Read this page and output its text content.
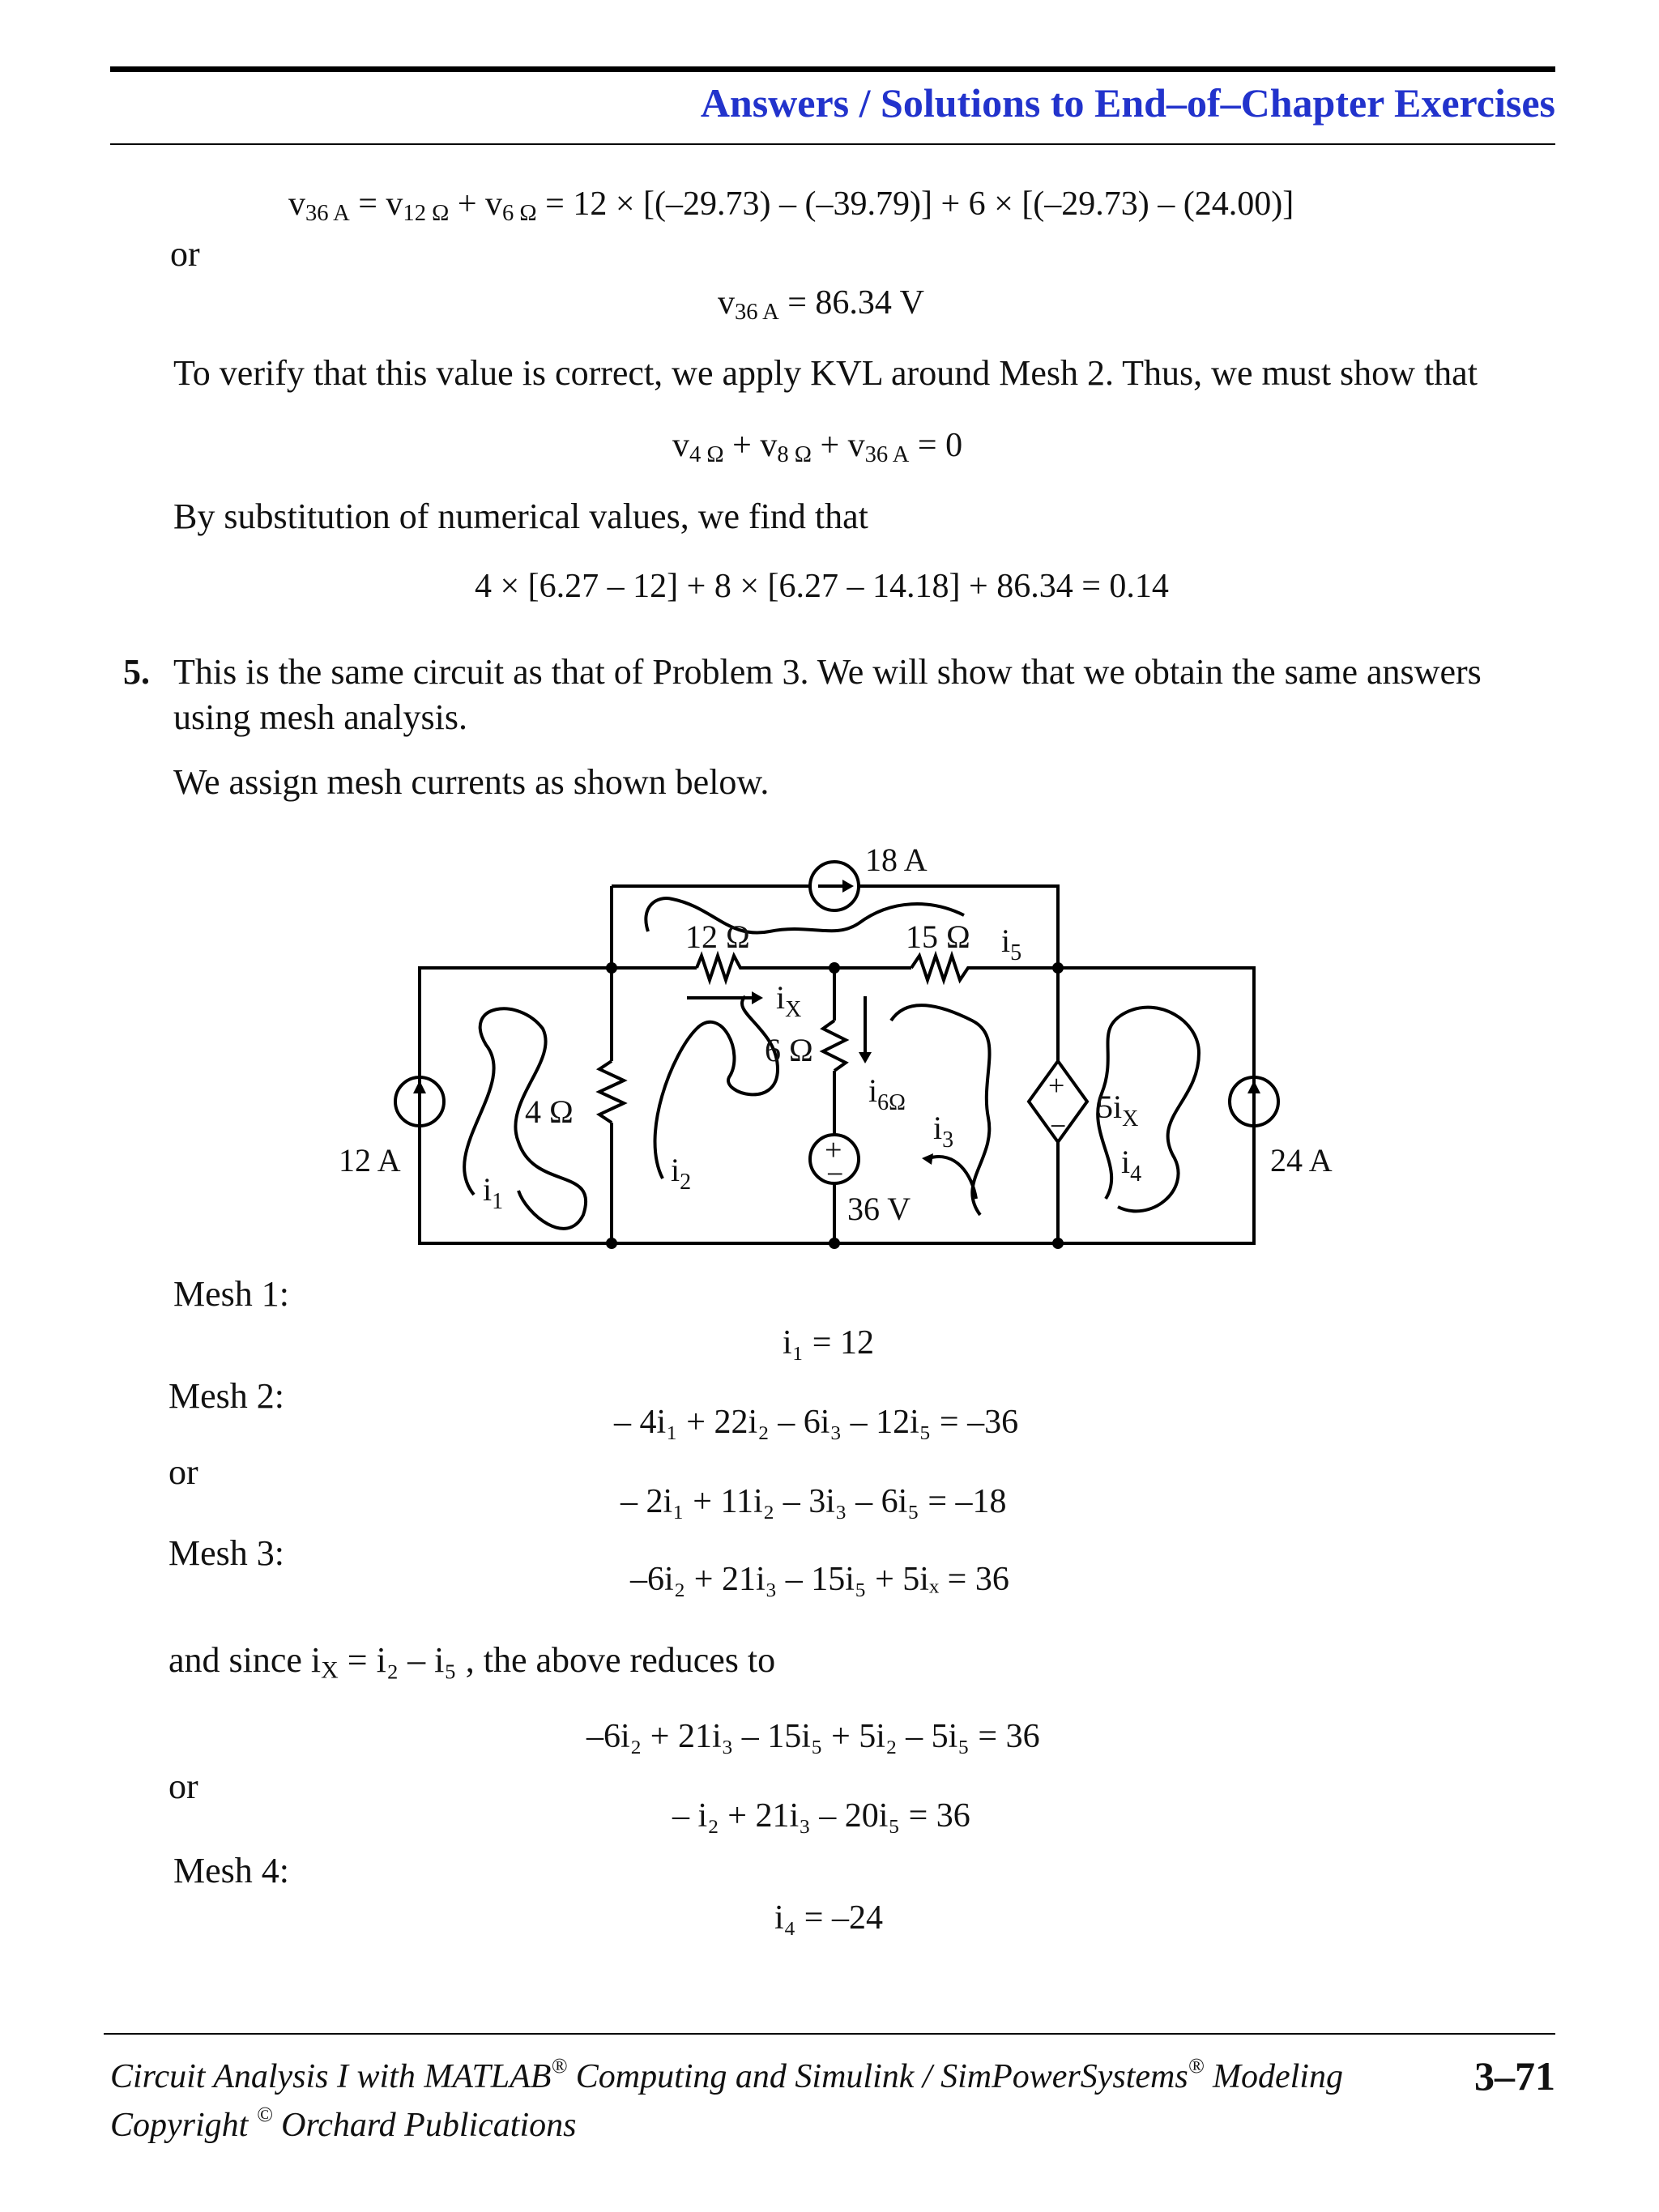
Answers / Solutions to End–of–Chapter Exercises
$v_{36 A} = v_{12 \Omega} + v_{6 \Omega} = 12 \times [(-29.73) - (-39.79)] + 6 \times [(-29.73) - (24.00)]$
or
$v_{36 A} = 86.34$ V
To verify that this value is correct, we apply KVL around Mesh 2. Thus, we must show that
$v_{4 \Omega} + v_{8 \Omega} + v_{36 A} = 0$
By substitution of numerical values, we find that
4 × [6.27 – 12] + 8 × [6.27 – 14.18] + 86.34 = 0.14
5. This is the same circuit as that of Problem 3. We will show that we obtain the same answers
using mesh analysis.
We assign mesh currents as shown below.
18 A
12 Ω	15 Ω $i_5$
$i_X$
6 Ω
$i_{6\Omega}$
4 Ω	$i_3$
12 A
$i_1$
$i_2$
36 V
$5i_X$
$i_4$	24 A
+
−
+
−
Mesh 1:
i₁ = 12
Mesh 2:
– 4i₁ + 22i₂ – 6i₃ – 12i₅ = –36
or
– 2i₁ + 11i₂ – 3i₃ – 6i₅ = –18
Mesh 3:
–6i₂ + 21i₃ – 15i₅ + 5iₓ = 36
and since $i_X = i_2 - i_5$ , the above reduces to
–6i₂ + 21i₃ – 15i₅ + 5i₂ – 5i₅ = 36
or
– i₂ + 21i₃ – 20i₅ = 36
Mesh 4:
i₄ = –24
Circuit Analysis I with MATLAB® Computing and Simulink / SimPowerSystems® Modeling	3–71
Copyright © Orchard Publications
